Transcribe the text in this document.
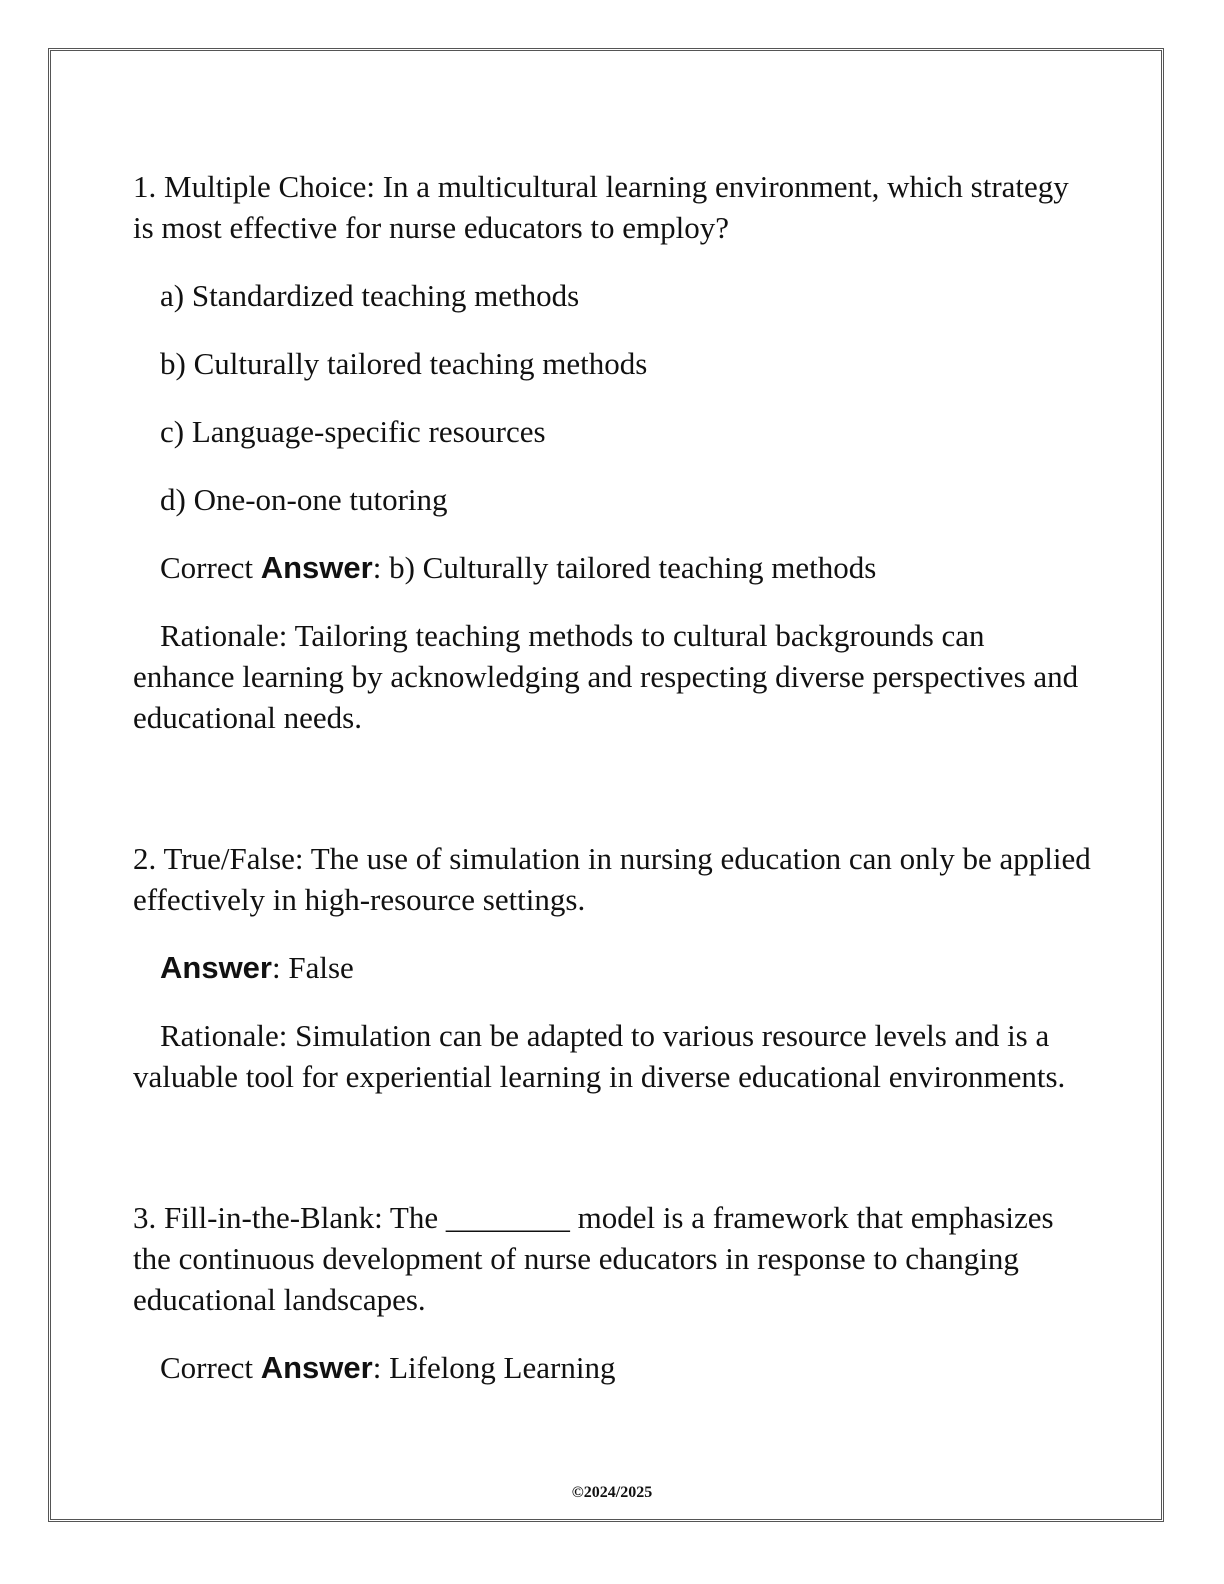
1. Multiple Choice: In a multicultural learning environment, which strategy is most effective for nurse educators to employ?

a) Standardized teaching methods

b) Culturally tailored teaching methods

c) Language-specific resources

d) One-on-one tutoring

Correct Answer: b) Culturally tailored teaching methods

Rationale: Tailoring teaching methods to cultural backgrounds can enhance learning by acknowledging and respecting diverse perspectives and educational needs.

2. True/False: The use of simulation in nursing education can only be applied effectively in high-resource settings.

Answer: False

Rationale: Simulation can be adapted to various resource levels and is a valuable tool for experiential learning in diverse educational environments.

3. Fill-in-the-Blank: The ________ model is a framework that emphasizes the continuous development of nurse educators in response to changing educational landscapes.

Correct Answer: Lifelong Learning

©2024/2025
